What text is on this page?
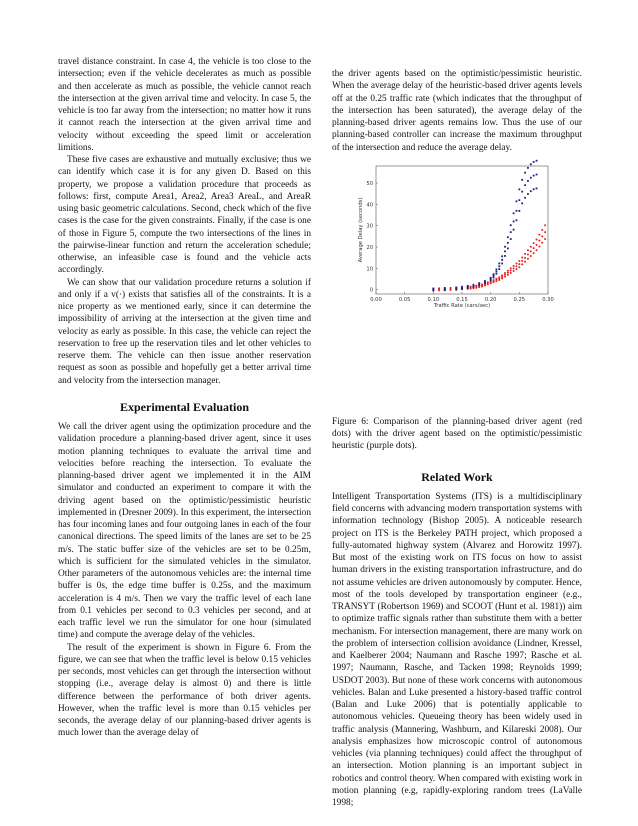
travel distance constraint. In case 4, the vehicle is too close to the intersection; even if the vehicle decelerates as much as possible and then accelerate as much as possible, the vehicle cannot reach the intersection at the given arrival time and velocity. In case 5, the vehicle is too far away from the intersection; no matter how it runs it cannot reach the intersection at the given arrival time and velocity without exceeding the speed limit or acceleration limitions.

These five cases are exhaustive and mutually exclusive; thus we can identify which case it is for any given D. Based on this property, we propose a validation procedure that proceeds as follows: first, compute Area1, Area2, Area3 AreaL, and AreaR using basic geometric calculations. Second, check which of the five cases is the case for the given constraints. Finally, if the case is one of those in Figure 5, compute the two intersections of the lines in the pairwise-linear function and return the acceleration schedule; otherwise, an infeasible case is found and the vehicle acts accordingly.

We can show that our validation procedure returns a solution if and only if a v(·) exists that satisfies all of the constraints. It is a nice property as we mentioned early, since it can determine the impossibility of arriving at the intersection at the given time and velocity as early as possible. In this case, the vehicle can reject the reservation to free up the reservation tiles and let other vehicles to reserve them. The vehicle can then issue another reservation request as soon as possible and hopefully get a better arrival time and velocity from the intersection manager.

Experimental Evaluation

We call the driver agent using the optimization procedure and the validation procedure a planning-based driver agent, since it uses motion planning techniques to evaluate the arrival time and velocities before reaching the intersection. To evaluate the planning-based driver agent we implemented it in the AIM simulator and conducted an experiment to compare it with the driving agent based on the optimistic/pessimistic heuristic implemented in (Dresner 2009). In this experiment, the intersection has four incoming lanes and four outgoing lanes in each of the four canonical directions. The speed limits of the lanes are set to be 25 m/s. The static buffer size of the vehicles are set to be 0.25m, which is sufficient for the simulated vehicles in the simulator. Other parameters of the autonomous vehicles are: the internal time buffer is 0s, the edge time buffer is 0.25s, and the maximum acceleration is 4 m/s. Then we vary the traffic level of each lane from 0.1 vehicles per second to 0.3 vehicles per second, and at each traffic level we run the simulator for one hour (simulated time) and compute the average delay of the vehicles.

The result of the experiment is shown in Figure 6. From the figure, we can see that when the traffic level is below 0.15 vehicles per seconds, most vehicles can get through the intersection without stopping (i.e., average delay is almost 0) and there is little difference between the performance of both driver agents. However, when the traffic level is more than 0.15 vehicles per seconds, the average delay of our planning-based driver agents is much lower than the average delay of

the driver agents based on the optimistic/pessimistic heuristic. When the average delay of the heuristic-based driver agents levels off at the 0.25 traffic rate (which indicates that the throughput of the intersection has been saturated), the average delay of the planning-based driver agents remains low. Thus the use of our planning-based controller can increase the maximum throughput of the intersection and reduce the average delay.

0.00	0.05	0.10	0.15	0.20	0.25	0.30
0
10
20
30
40
50
Traffic Rate (cars/sec)
Average Delay (seconds)

Figure 6: Comparison of the planning-based driver agent (red dots) with the driver agent based on the optimistic/pessimistic heuristic (purple dots).

Related Work

Intelligent Transportation Systems (ITS) is a multidisciplinary field concerns with advancing modern transportation systems with information technology (Bishop 2005). A noticeable research project on ITS is the Berkeley PATH project, which proposed a fully-automated highway system (Alvarez and Horowitz 1997). But most of the existing work on ITS focus on how to assist human drivers in the existing transportation infrastructure, and do not assume vehicles are driven autonomously by computer. Hence, most of the tools developed by transportation engineer (e.g., TRANSYT (Robertson 1969) and SCOOT (Hunt et al. 1981)) aim to optimize traffic signals rather than substitute them with a better mechanism. For intersection management, there are many work on the problem of intersection collision avoidance (Lindner, Kressel, and Kaelberer 2004; Naumann and Rasche 1997; Rasche et al. 1997; Naumann, Rasche, and Tacken 1998; Reynolds 1999; USDOT 2003). But none of these work concerns with autonomous vehicles. Balan and Luke presented a history-based traffic control (Balan and Luke 2006) that is potentially applicable to autonomous vehicles. Queueing theory has been widely used in traffic analysis (Mannering, Washburn, and Kilareski 2008). Our analysis emphasizes how microscopic control of autonomous vehicles (via planning techniques) could affect the throughput of an intersection. Motion planning is an important subject in robotics and control theory. When compared with existing work in motion planning (e.g, rapidly-exploring random trees (LaValle 1998;
